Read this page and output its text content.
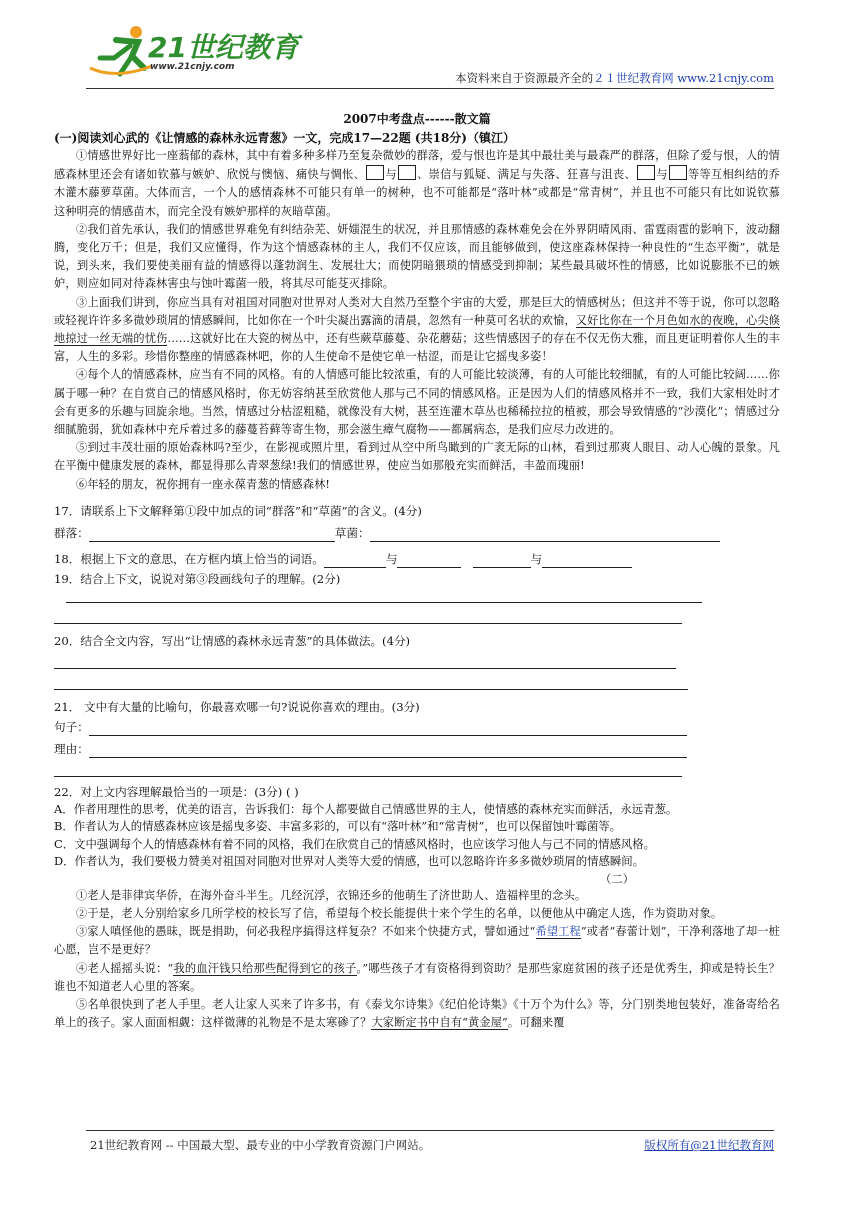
21世纪教育
www.21cnjy.com
本资料来自于资源最齐全的２１世纪教育网 www.21cnjy.com

2007中考盘点------散文篇

(一)阅读刘心武的《让情感的森林永远青葱》一文，完成17—22题 (共18分)（镇江）

①情感世界好比一座蓊郁的森林，其中有着多种多样乃至复杂微妙的群落，爱与恨也许是其中最壮美与最森严的群落，但除了爱与恨，人的情感森林里还会有诸如钦慕与嫉妒、欣悦与懊恼、痛快与惆怅、 与 、崇信与狐疑、满足与失落、狂喜与沮丧、 与 等等互相纠结的乔木灌木藤萝草菌。大体而言，一个人的感情森林不可能只有单一的树种，也不可能都是“落叶林”或都是“常青树”，并且也不可能只有比如说钦慕这种明亮的情感苗木，而完全没有嫉妒那样的灰暗草菌。

②我们首先承认，我们的情感世界难免有纠结杂芜、妍媸混生的状况，并且那情感的森林难免会在外界阴晴风雨、雷霆雨雹的影响下，波动翻腾，变化万千；但是，我们又应懂得，作为这个情感森林的主人，我们不仅应该，而且能够做到，使这座森林保持一种良性的“生态平衡”，就是说，到头来，我们要使美丽有益的情感得以蓬勃润生、发展壮大；而使阴暗猥琐的情感受到抑制；某些最具破坏性的情感，比如说膨胀不已的嫉妒，则应如同对待森林害虫与蚀叶霉菌一般，将其尽可能芟灭排除。

③上面我们讲到，你应当具有对祖国对同胞对世界对人类对大自然乃至整个宇宙的大爱，那是巨大的情感树丛；但这并不等于说，你可以忽略或轻视许许多多微妙琐屑的情感瞬间，比如你在一个叶尖凝出露滴的清晨，忽然有一种莫可名状的欢愉，又好比你在一个月色如水的夜晚，心尖倏地掠过一丝无端的忧伤……这就好比在大瓷的树丛中，还有些蕨草藤蔓、杂花蘑菇；这些情感因子的存在不仅无伤大雅，而且更证明着你人生的丰富，人生的多彩。珍惜你整座的情感森林吧，你的人生使命不是使它单一枯涩，而是让它摇曳多姿！

④每个人的情感森林，应当有不同的风格。有的人情感可能比较浓重，有的人可能比较淡薄，有的人可能比较细腻，有的人可能比较阔……你属于哪一种？在自赏自己的情感风格时，你无妨容纳甚至欣赏他人那与己不同的情感风格。正是因为人们的情感风格并不一致，我们大家相处时才会有更多的乐趣与回旋余地。当然，情感过分枯涩粗糙，就像没有大树，甚至连灌木草丛也稀稀拉拉的植被，那会导致情感的“沙漠化”；情感过分细腻脆弱，犹如森林中充斥着过多的藤蔓苔藓等寄生物，那会滋生瘴气腐物——都属病态，是我们应尽力改进的。

⑤到过丰茂壮丽的原始森林吗?至少，在影视或照片里，看到过从空中所鸟瞰到的广袤无际的山林，看到过那爽人眼目、动人心魄的景象。凡在平衡中健康发展的森林，都显得那么青翠葱绿!我们的情感世界，使应当如那般充实而鲜活，丰盈而瑰丽!

⑥年轻的朋友，祝你拥有一座永葆青葱的情感森林!

17．请联系上下文解释第①段中加点的词“群落”和“草菌”的含义。(4分)

群落：	草菌：

18．根据上下文的意思，在方框内填上恰当的词语。	与	与

19．结合上下文，说说对第③段画线句子的理解。(2分)

20．结合全文内容，写出“让情感的森林永远青葱”的具体做法。(4分)

21． 文中有大量的比喻句，你最喜欢哪一句?说说你喜欢的理由。(3分)

句子：

理由：

22．对上文内容理解最恰当的一项是：(3分) ( )

A．作者用理性的思考，优美的语言，告诉我们：每个人都要做自己情感世界的主人，使情感的森林充实而鲜活，永远青葱。

B．作者认为人的情感森林应该是摇曳多姿、丰富多彩的，可以有“落叶林”和“常青树”，也可以保留蚀叶霉菌等。

C．文中强调每个人的情感森林有着不同的风格，我们在欣赏自己的情感风格时，也应该学习他人与己不同的情感风格。

D．作者认为，我们要极力赞美对祖国对同胞对世界对人类等大爱的情感，也可以忽略许许多多微妙琐屑的情感瞬间。

（二）

①老人是菲律宾华侨，在海外奋斗半生。几经沉浮，衣锦还乡的他萌生了济世助人、造福梓里的念头。

②于是，老人分别给家乡几所学校的校长写了信，希望每个校长能提供十来个学生的名单，以便他从中确定人选，作为资助对象。

③家人嗔怪他的愚昧，既是捐助，何必我程序搞得这样复杂？不如来个快捷方式，譬如通过“希望工程”或者“春蕾计划”，干净利落地了却一桩心愿，岂不是更好？

④老人摇摇头说：“我的血汗钱只给那些配得到它的孩子。”哪些孩子才有资格得到资助？是那些家庭贫困的孩子还是优秀生，抑或是特长生？谁也不知道老人心里的答案。

⑤名单很快到了老人手里。老人让家人买来了许多书，有《泰戈尔诗集》《纪伯伦诗集》《十万个为什么》等，分门别类地包装好，准备寄给名单上的孩子。家人面面相觑：这样微薄的礼物是不是太寒碜了？大家断定书中自有“黄金屋”。可翻来覆

21世纪教育网 -- 中国最大型、最专业的中小学教育资源门户网站。	版权所有@21世纪教育网
